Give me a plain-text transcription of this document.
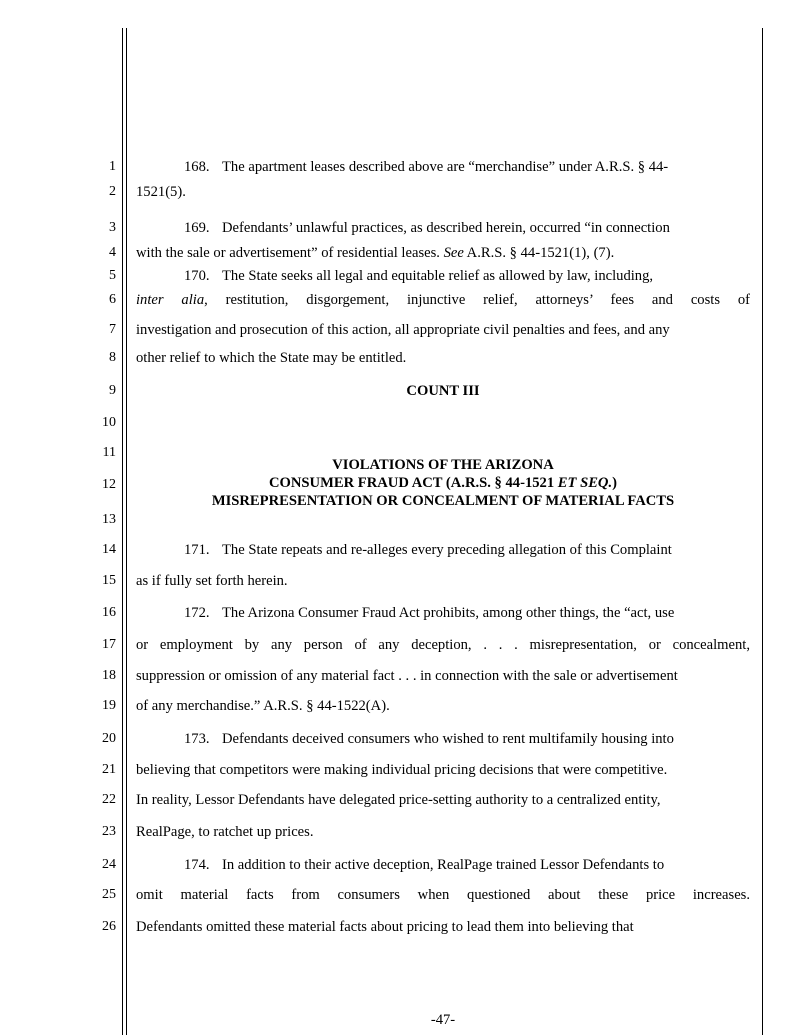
1
2
3
4
5
6
7
8
9
10
11
12
13
14
15
16
17
18
19
20
21
22
23
24
25
26
168. The apartment leases described above are “merchandise” under A.R.S. § 44-
1521(5).
169. Defendants’ unlawful practices, as described herein, occurred “in connection
with the sale or advertisement” of residential leases. See A.R.S. § 44-1521(1), (7).
170. The State seeks all legal and equitable relief as allowed by law, including,
inter alia, restitution, disgorgement, injunctive relief, attorneys’ fees and costs of
investigation and prosecution of this action, all appropriate civil penalties and fees, and any
other relief to which the State may be entitled.
COUNT III
VIOLATIONS OF THE ARIZONA
CONSUMER FRAUD ACT (A.R.S. § 44-1521 ET SEQ.)
MISREPRESENTATION OR CONCEALMENT OF MATERIAL FACTS
171. The State repeats and re-alleges every preceding allegation of this Complaint
as if fully set forth herein.
172. The Arizona Consumer Fraud Act prohibits, among other things, the “act, use
or employment by any person of any deception, . . . misrepresentation, or concealment,
suppression or omission of any material fact . . . in connection with the sale or advertisement
of any merchandise.” A.R.S. § 44-1522(A).
173. Defendants deceived consumers who wished to rent multifamily housing into
believing that competitors were making individual pricing decisions that were competitive.
In reality, Lessor Defendants have delegated price-setting authority to a centralized entity,
RealPage, to ratchet up prices.
174. In addition to their active deception, RealPage trained Lessor Defendants to
omit material facts from consumers when questioned about these price increases.
Defendants omitted these material facts about pricing to lead them into believing that
-47-
